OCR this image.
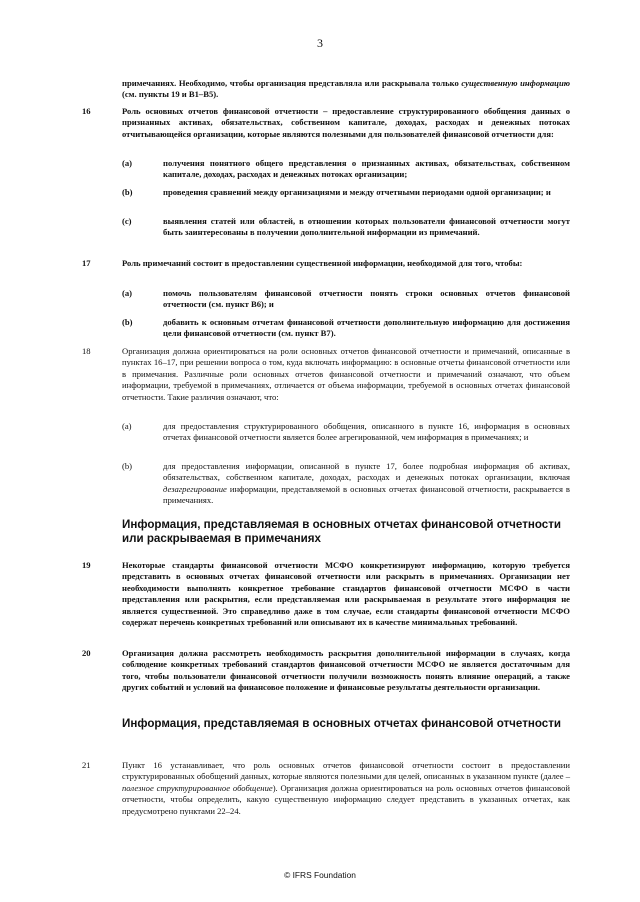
3
примечаниях. Необходимо, чтобы организация представляла или раскрывала только существенную информацию (см. пункты 19 и B1–B5).
16	Роль основных отчетов финансовой отчетности – предоставление структурированного обобщения данных о признанных активах, обязательствах, собственном капитале, доходах, расходах и денежных потоках отчитывающейся организации, которые являются полезными для пользователей финансовой отчетности для:
(a)	получения понятного общего представления о признанных активах, обязательствах, собственном капитале, доходах, расходах и денежных потоках организации;
(b)	проведения сравнений между организациями и между отчетными периодами одной организации; и
(c)	выявления статей или областей, в отношении которых пользователи финансовой отчетности могут быть заинтересованы в получении дополнительной информации из примечаний.
17	Роль примечаний состоит в предоставлении существенной информации, необходимой для того, чтобы:
(a)	помочь пользователям финансовой отчетности понять строки основных отчетов финансовой отчетности (см. пункт B6); и
(b)	добавить к основным отчетам финансовой отчетности дополнительную информацию для достижения цели финансовой отчетности (см. пункт B7).
18	Организация должна ориентироваться на роли основных отчетов финансовой отчетности и примечаний, описанные в пунктах 16–17, при решении вопроса о том, куда включать информацию: в основные отчеты финансовой отчетности или в примечания. Различные роли основных отчетов финансовой отчетности и примечаний означают, что объем информации, требуемой в примечаниях, отличается от объема информации, требуемой в основных отчетах финансовой отчетности. Такие различия означают, что:
(a)	для предоставления структурированного обобщения, описанного в пункте 16, информация в основных отчетах финансовой отчетности является более агрегированной, чем информация в примечаниях; и
(b)	для предоставления информации, описанной в пункте 17, более подробная информация об активах, обязательствах, собственном капитале, доходах, расходах и денежных потоках организации, включая дезагрегирование информации, представляемой в основных отчетах финансовой отчетности, раскрывается в примечаниях.
Информация, представляемая в основных отчетах финансовой отчетности или раскрываемая в примечаниях
19	Некоторые стандарты финансовой отчетности МСФО конкретизируют информацию, которую требуется представить в основных отчетах финансовой отчетности или раскрыть в примечаниях. Организации нет необходимости выполнять конкретное требование стандартов финансовой отчетности МСФО в части представления или раскрытия, если представляемая или раскрываемая в результате этого информация не является существенной. Это справедливо даже в том случае, если стандарты финансовой отчетности МСФО содержат перечень конкретных требований или описывают их в качестве минимальных требований.
20	Организация должна рассмотреть необходимость раскрытия дополнительной информации в случаях, когда соблюдение конкретных требований стандартов финансовой отчетности МСФО не является достаточным для того, чтобы пользователи финансовой отчетности получили возможность понять влияние операций, а также других событий и условий на финансовое положение и финансовые результаты деятельности организации.
Информация, представляемая в основных отчетах финансовой отчетности
21	Пункт 16 устанавливает, что роль основных отчетов финансовой отчетности состоит в предоставлении структурированных обобщений данных, которые являются полезными для целей, описанных в указанном пункте (далее – полезное структурированное обобщение). Организация должна ориентироваться на роль основных отчетов финансовой отчетности, чтобы определить, какую существенную информацию следует представить в указанных отчетах, как предусмотрено пунктами 22–24.
© IFRS Foundation
